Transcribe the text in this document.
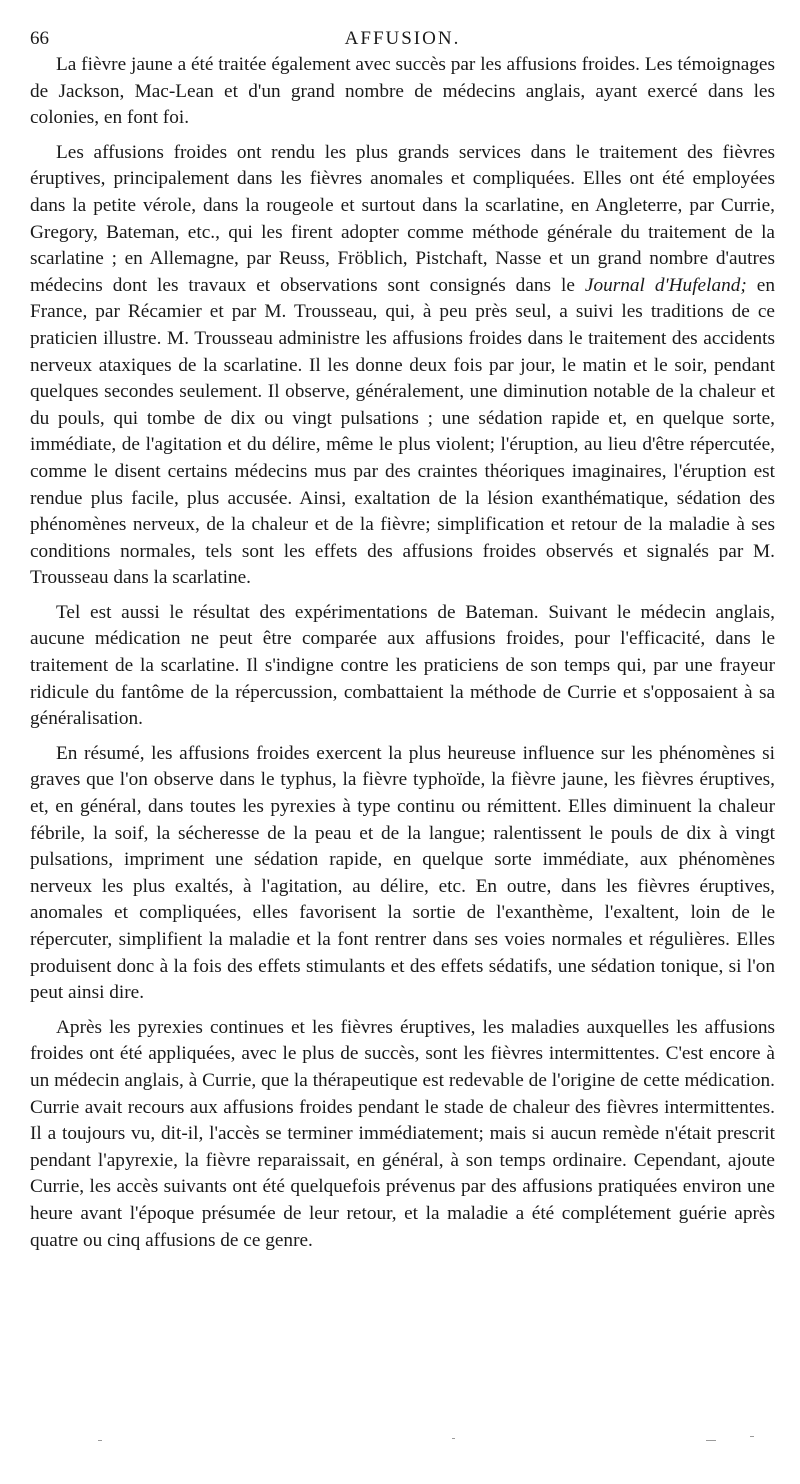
66	AFFUSION.

La fièvre jaune a été traitée également avec succès par les affusions froides. Les témoignages de Jackson, Mac-Lean et d'un grand nombre de médecins anglais, ayant exercé dans les colonies, en font foi.

Les affusions froides ont rendu les plus grands services dans le traitement des fièvres éruptives, principalement dans les fièvres anomales et compliquées. Elles ont été employées dans la petite vérole, dans la rougeole et surtout dans la scarlatine, en Angleterre, par Currie, Gregory, Bateman, etc., qui les firent adopter comme méthode générale du traitement de la scarlatine ; en Allemagne, par Reuss, Fröblich, Pistchaft, Nasse et un grand nombre d'autres médecins dont les travaux et observations sont consignés dans le Journal d'Hufeland; en France, par Récamier et par M. Trousseau, qui, à peu près seul, a suivi les traditions de ce praticien illustre. M. Trousseau administre les affusions froides dans le traitement des accidents nerveux ataxiques de la scarlatine. Il les donne deux fois par jour, le matin et le soir, pendant quelques secondes seulement. Il observe, généralement, une diminution notable de la chaleur et du pouls, qui tombe de dix ou vingt pulsations ; une sédation rapide et, en quelque sorte, immédiate, de l'agitation et du délire, même le plus violent; l'éruption, au lieu d'être répercutée, comme le disent certains médecins mus par des craintes théoriques imaginaires, l'éruption est rendue plus facile, plus accusée. Ainsi, exaltation de la lésion exanthématique, sédation des phénomènes nerveux, de la chaleur et de la fièvre; simplification et retour de la maladie à ses conditions normales, tels sont les effets des affusions froides observés et signalés par M. Trousseau dans la scarlatine.

Tel est aussi le résultat des expérimentations de Bateman. Suivant le médecin anglais, aucune médication ne peut être comparée aux affusions froides, pour l'efficacité, dans le traitement de la scarlatine. Il s'indigne contre les praticiens de son temps qui, par une frayeur ridicule du fantôme de la répercussion, combattaient la méthode de Currie et s'opposaient à sa généralisation.

En résumé, les affusions froides exercent la plus heureuse influence sur les phénomènes si graves que l'on observe dans le typhus, la fièvre typhoïde, la fièvre jaune, les fièvres éruptives, et, en général, dans toutes les pyrexies à type continu ou rémittent. Elles diminuent la chaleur fébrile, la soif, la sécheresse de la peau et de la langue; ralentissent le pouls de dix à vingt pulsations, impriment une sédation rapide, en quelque sorte immédiate, aux phénomènes nerveux les plus exaltés, à l'agitation, au délire, etc. En outre, dans les fièvres éruptives, anomales et compliquées, elles favorisent la sortie de l'exanthème, l'exaltent, loin de le répercuter, simplifient la maladie et la font rentrer dans ses voies normales et régulières. Elles produisent donc à la fois des effets stimulants et des effets sédatifs, une sédation tonique, si l'on peut ainsi dire.

Après les pyrexies continues et les fièvres éruptives, les maladies auxquelles les affusions froides ont été appliquées, avec le plus de succès, sont les fièvres intermittentes. C'est encore à un médecin anglais, à Currie, que la thérapeutique est redevable de l'origine de cette médication. Currie avait recours aux affusions froides pendant le stade de chaleur des fièvres intermittentes. Il a toujours vu, dit-il, l'accès se terminer immédiatement; mais si aucun remède n'était prescrit pendant l'apyrexie, la fièvre reparaissait, en général, à son temps ordinaire. Cependant, ajoute Currie, les accès suivants ont été quelquefois prévenus par des affusions pratiquées environ une heure avant l'époque présumée de leur retour, et la maladie a été complétement guérie après quatre ou cinq affusions de ce genre.
